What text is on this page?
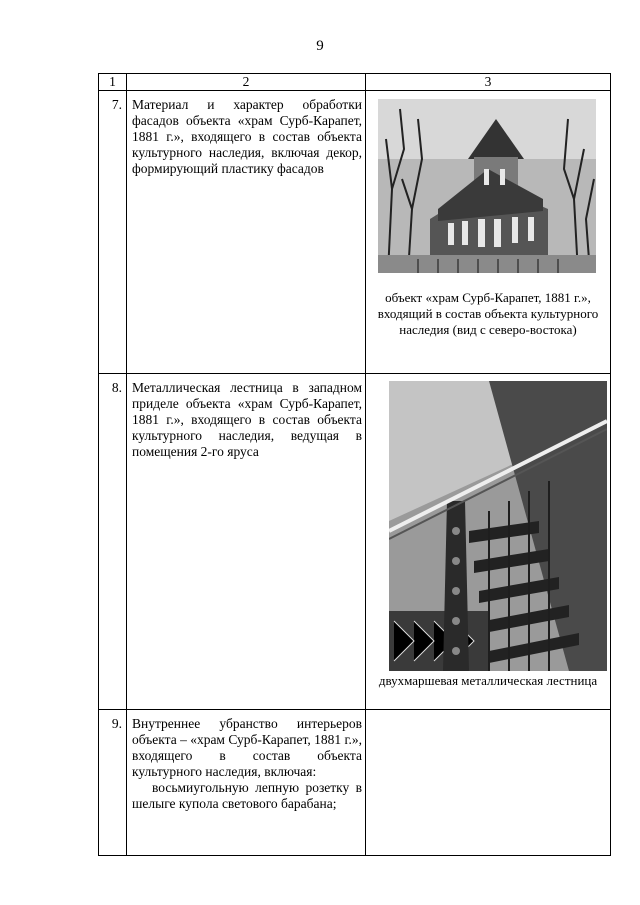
9
1	2	3
7.	Материал и характер обработки фасадов объекта «храм Сурб-Карапет, 1881 г.», входящего в состав объекта культурного наследия, включая декор, формирующий пластику фасадов	объект «храм Сурб-Карапет, 1881 г.», входящий в состав объекта культурного наследия (вид с северо-востока)

8.	Металлическая лестница в западном приделе объекта «храм Сурб-Карапет, 1881 г.», входящего в состав объекта культурного наследия, ведущая в помещения 2-го яруса	двухмаршевая металлическая лестница

9.	Внутреннее убранство интерьеров объекта – «храм Сурб-Карапет, 1881 г.», входящего в состав объекта культурного наследия, включая:
восьмиугольную лепную розетку в шелыге купола светового барабана;	
